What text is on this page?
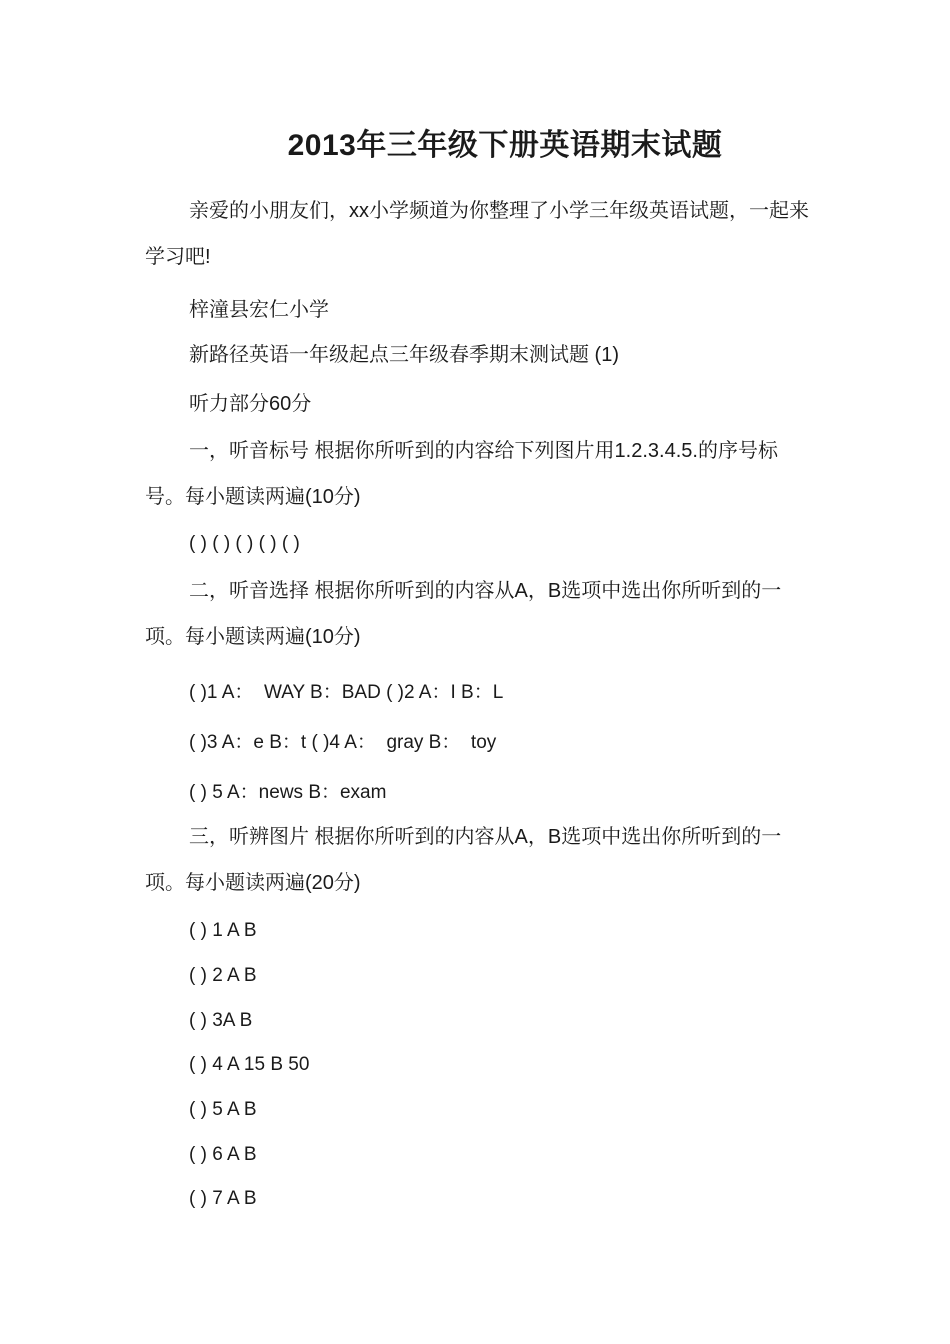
2013年三年级下册英语期末试题

亲爱的小朋友们，xx小学频道为你整理了小学三年级英语试题，一起来学习吧!

梓潼县宏仁小学
新路径英语一年级起点三年级春季期末测试题 (1)
听力部分60分

一，听音标号 根据你所听到的内容给下列图片用1.2.3.4.5.的序号标号。每小题读两遍(10分)

( ) ( ) ( ) ( ) ( )

二，听音选择 根据你所听到的内容从A，B选项中选出你所听到的一项。每小题读两遍(10分)

( )1 A：  WAY B：BAD ( )2 A：I B：L
( )3 A：e B：t ( )4 A：  gray B：  toy
( ) 5 A：news B：exam

三，听辨图片 根据你所听到的内容从A，B选项中选出你所听到的一项。每小题读两遍(20分)

( ) 1 A B
( ) 2 A B
( ) 3A B
( ) 4 A 15 B 50
( ) 5 A B
( ) 6 A B
( ) 7 A B
